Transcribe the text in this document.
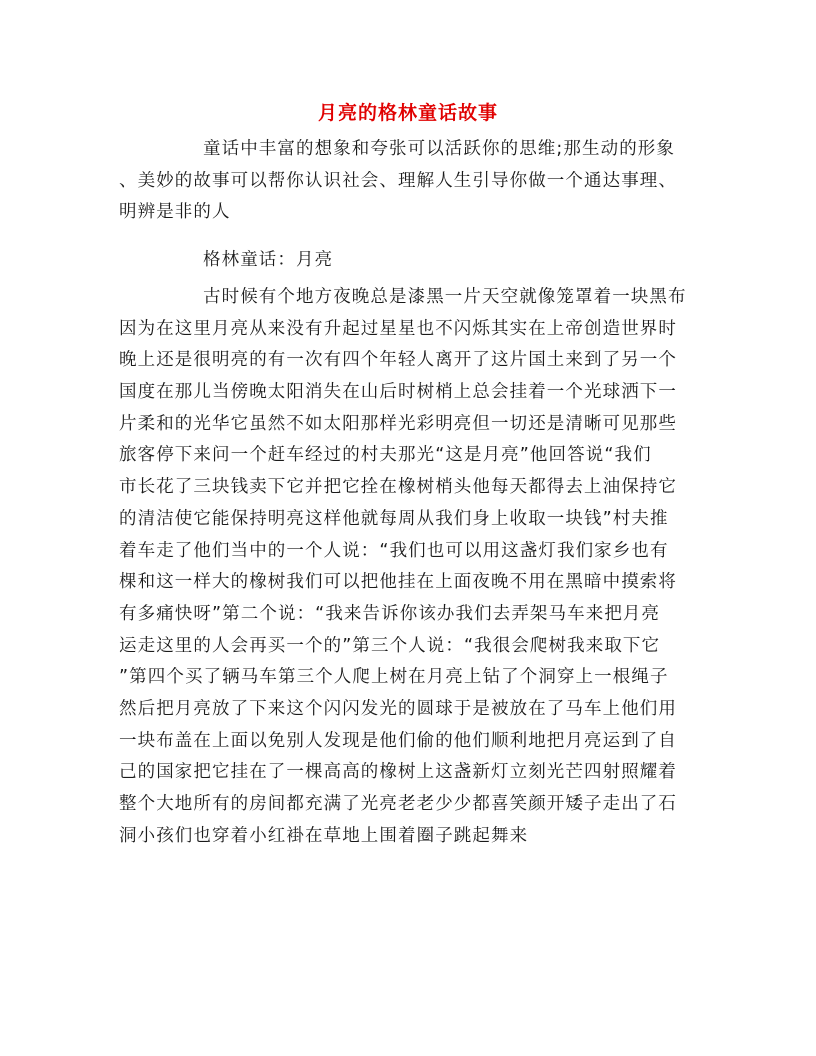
月亮的格林童话故事
童话中丰富的想象和夸张可以活跃你的思维;那生动的形象
、美妙的故事可以帮你认识社会、理解人生引导你做一个通达事理、
明辨是非的人
格林童话：月亮
古时候有个地方夜晚总是漆黑一片天空就像笼罩着一块黑布
因为在这里月亮从来没有升起过星星也不闪烁其实在上帝创造世界时
晚上还是很明亮的有一次有四个年轻人离开了这片国土来到了另一个
国度在那儿当傍晚太阳消失在山后时树梢上总会挂着一个光球洒下一
片柔和的光华它虽然不如太阳那样光彩明亮但一切还是清晰可见那些
旅客停下来问一个赶车经过的村夫那光“这是月亮”他回答说“我们
市长花了三块钱卖下它并把它拴在橡树梢头他每天都得去上油保持它
的清洁使它能保持明亮这样他就每周从我们身上收取一块钱”村夫推
着车走了他们当中的一个人说：“我们也可以用这盏灯我们家乡也有
棵和这一样大的橡树我们可以把他挂在上面夜晚不用在黑暗中摸索将
有多痛快呀”第二个说：“我来告诉你该办我们去弄架马车来把月亮
运走这里的人会再买一个的”第三个人说：“我很会爬树我来取下它
”第四个买了辆马车第三个人爬上树在月亮上钻了个洞穿上一根绳子
然后把月亮放了下来这个闪闪发光的圆球于是被放在了马车上他们用
一块布盖在上面以免别人发现是他们偷的他们顺利地把月亮运到了自
己的国家把它挂在了一棵高高的橡树上这盏新灯立刻光芒四射照耀着
整个大地所有的房间都充满了光亮老老少少都喜笑颜开矮子走出了石
洞小孩们也穿着小红褂在草地上围着圈子跳起舞来
